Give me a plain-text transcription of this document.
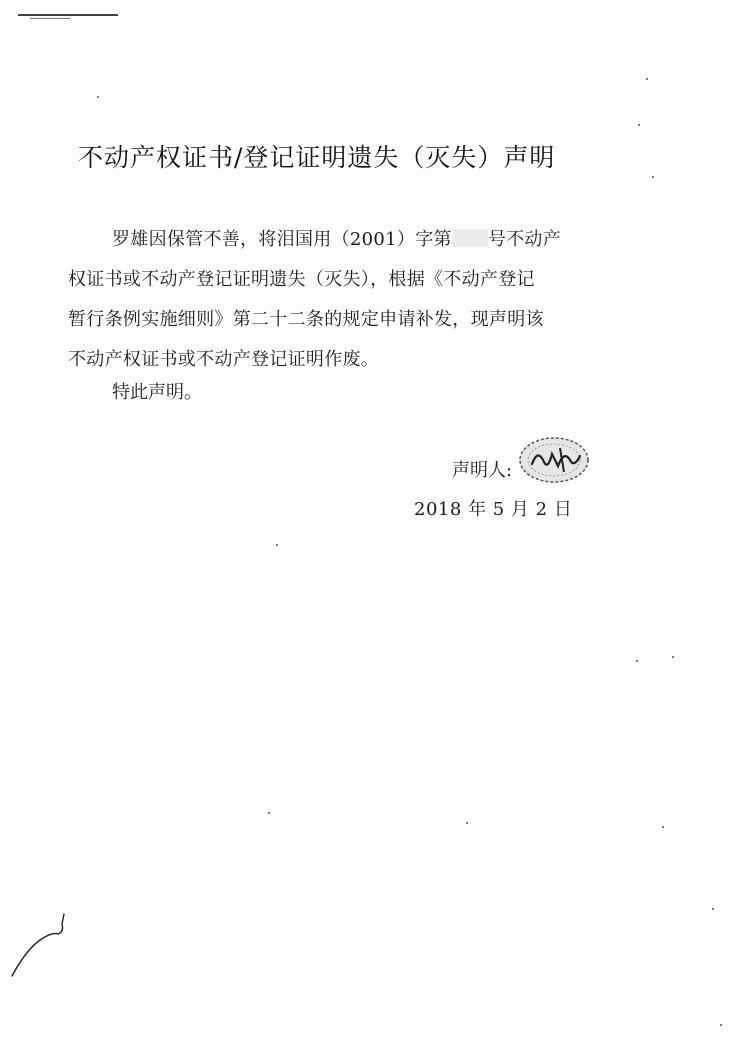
不动产权证书/登记证明遗失（灭失）声明
罗雄因保管不善，将泪国用（2001）字第 号不动产
权证书或不动产登记证明遗失（灭失），根据《不动产登记
暂行条例实施细则》第二十二条的规定申请补发，现声明该
不动产权证书或不动产登记证明作废。
特此声明。
声明人:
2018 年 5 月 2 日
